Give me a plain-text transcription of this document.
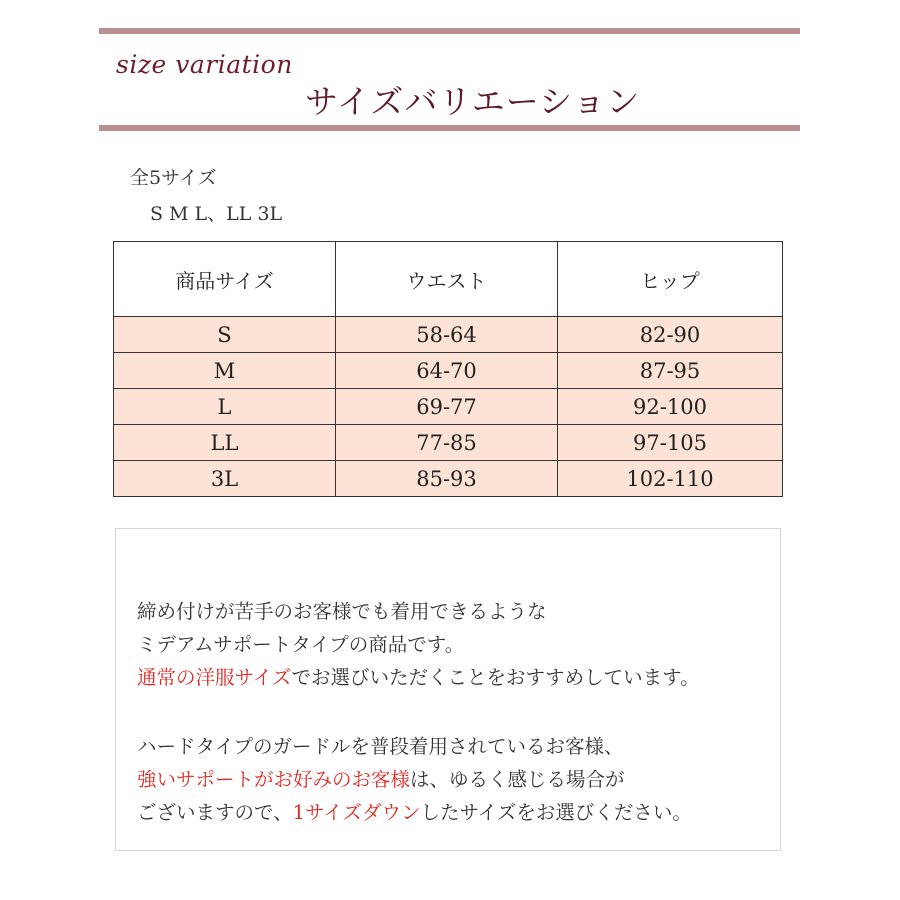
size variation
サイズバリエーション
全5サイズ
S M L、LL 3L
商品サイズ	ウエスト	ヒップ
S	58-64	82-90
M	64-70	87-95
L	69-77	92-100
LL	77-85	97-105
3L	85-93	102-110

締め付けが苦手のお客様でも着用できるような

ミデアムサポートタイプの商品です。

通常の洋服サイズでお選びいただくことをおすすめしています。

ハードタイプのガードルを普段着用されているお客様、

強いサポートがお好みのお客様は、ゆるく感じる場合が

ございますので、1サイズダウンしたサイズをお選びください。
